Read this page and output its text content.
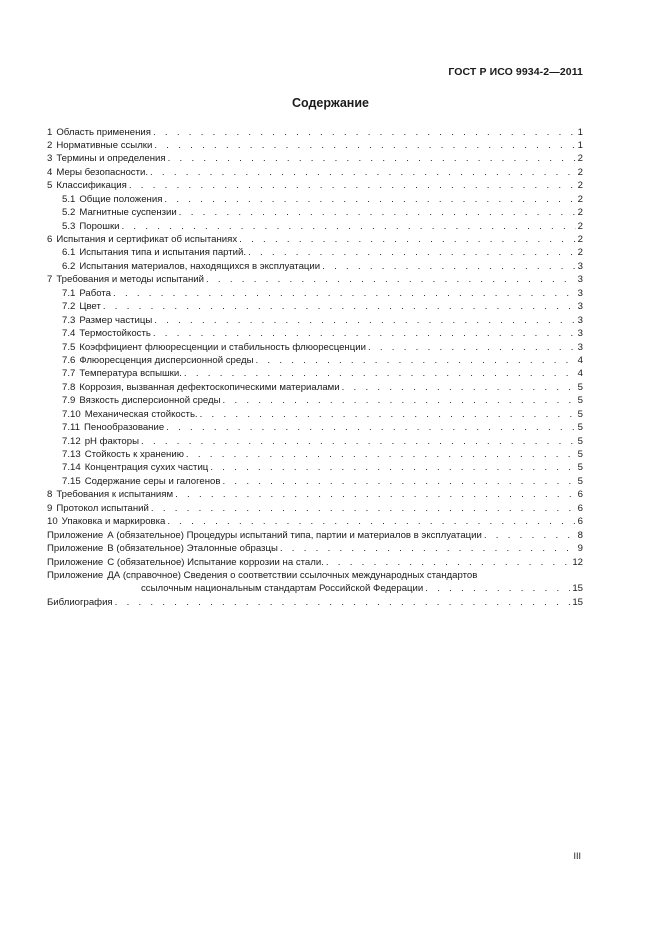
ГОСТ Р ИСО 9934-2—2011
Содержание
1 Область применения . . .	1
2 Нормативные ссылки . . .	1
3 Термины и определения . . .	2
4 Меры безопасности. . . .	2
5 Классификация . . .	2
5.1 Общие положения . . .	2
5.2 Магнитные суспензии . . .	2
5.3 Порошки . . .	2
6 Испытания и сертификат об испытаниях . . .	2
6.1 Испытания типа и испытания партий. . . .	2
6.2 Испытания материалов, находящихся в эксплуатации . . .	3
7 Требования и методы испытаний . . .	3
7.1 Работа . . .	3
7.2 Цвет . . .	3
7.3 Размер частицы . . .	3
7.4 Термостойкость . . .	3
7.5 Коэффициент флюоресценции и стабильность флюоресценции . . .	3
7.6 Флюоресценция дисперсионной среды . . .	4
7.7 Температура вспышки. . . .	4
7.8 Коррозия, вызванная дефектоскопическими материалами . . .	5
7.9 Вязкость дисперсионной среды . . .	5
7.10 Механическая стойкость. . . .	5
7.11 Пенообразование . . .	5
7.12 pH факторы . . .	5
7.13 Стойкость к хранению . . .	5
7.14 Концентрация сухих частиц . . .	5
7.15 Содержание серы и галогенов . . .	5
8 Требования к испытаниям . . .	6
9 Протокол испытаний . . .	6
10 Упаковка и маркировка . . .	6
Приложение А (обязательное) Процедуры испытаний типа, партии и материалов в эксплуатации . . .	8
Приложение В (обязательное) Эталонные образцы . . .	9
Приложение С (обязательное) Испытание коррозии на стали. . . .	12
Приложение ДА (справочное) Сведения о соответствии ссылочных международных стандартов
ссылочным национальным стандартам Российской Федерации . . .	15
Библиография . . .	15
III
